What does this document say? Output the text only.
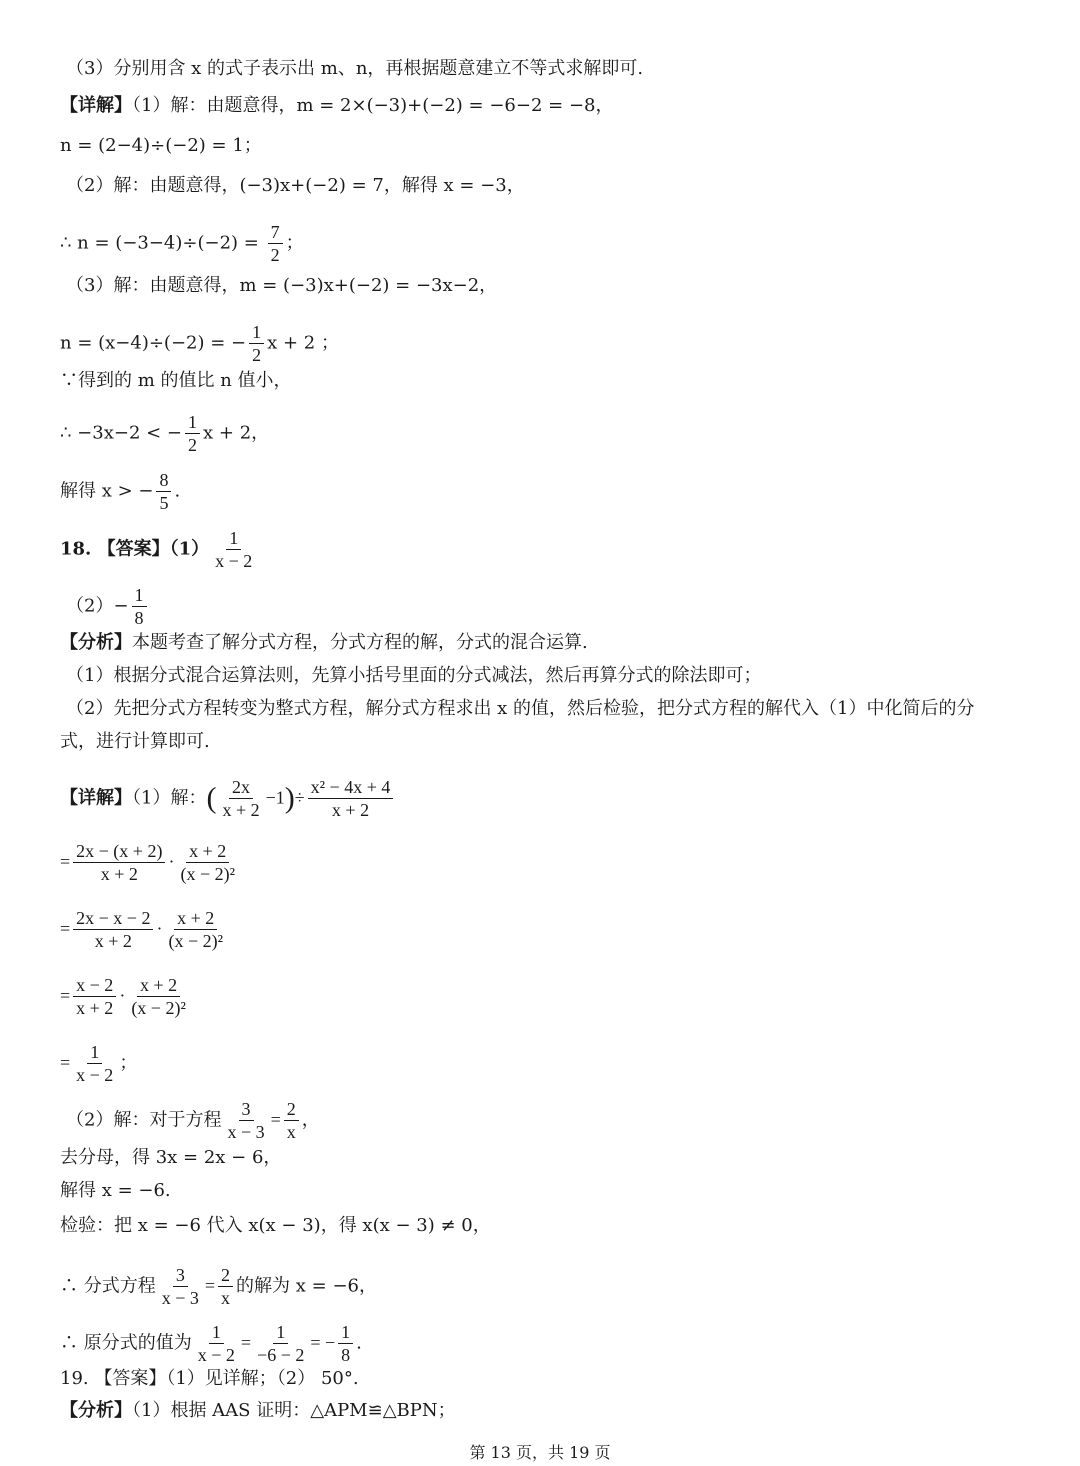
（3）分别用含 x 的式子表示出 m、n，再根据题意建立不等式求解即可.
【详解】（1）解：由题意得，m = 2×(−3)+(−2) = −6−2 = −8，
n = (2−4)÷(−2) = 1；
（2）解：由题意得，(−3)x+(−2) = 7，解得 x = −3，
∴ $n = (-3-4)\div(-2) = \frac{7}{2}$ ；
（3）解：由题意得，m = (−3)x+(−2) = −3x−2，
n = (x−4)÷(−2) = − $\frac{1}{2}$ x + 2 ；
∵得到的 m 的值比 n 值小，
∴ −3x−2 < − $\frac{1}{2}$ x + 2，
解得 x > − $\frac{8}{5}$ .
18. 【答案】$(1) \frac{1}{x - 2}$
$(2)- \frac{1}{8}$
【分析】本题考查了解分式方程，分式方程的解，分式的混合运算.
（1）根据分式混合运算法则，先算小括号里面的分式减法，然后再算分式的除法即可；
（2）先把分式方程转变为整式方程，解分式方程求出 x 的值，然后检验，把分式方程的解代入（1）中化简后的分
式，进行计算即可.
【详解】（1）解：( $\frac{2x}{x + 2} -1)\div \frac{\text{x² − 4x + 4}}{x + 2}$
= $\frac{2x - (x + 2)}{x + 2} \cdot \frac{x + 2}{\text{(x − 2)²}}$
= $\frac{2x - x - 2}{x + 2} \cdot \frac{x + 2}{\text{(x − 2)²}}$
= $\frac{x - 2}{x + 2} \cdot \frac{x + 2}{\text{(x − 2)²}}$
= $\frac{1}{x - 2}$ ；
（2）解：对于方程 $\frac{3}{x - 3} = \frac{2}{x}$ ，
去分母，得 3x = 2x − 6，
解得 x = −6.
检验：把 x = −6 代入 x(x − 3)，得 x(x − 3) ≠ 0，
∴ 分式方程 $\frac{3}{x - 3} = \frac{2}{x}$ 的解为 x = −6，
∴ 原分式的值为 $\frac{1}{x - 2} = \frac{1}{-6 - 2}$ = − $\frac{1}{8}$ .
19. 【答案】（1）见详解；（2） 50°.
【分析】（1）根据 AAS 证明：△APM≌△BPN；
第 13 页，共 19 页
